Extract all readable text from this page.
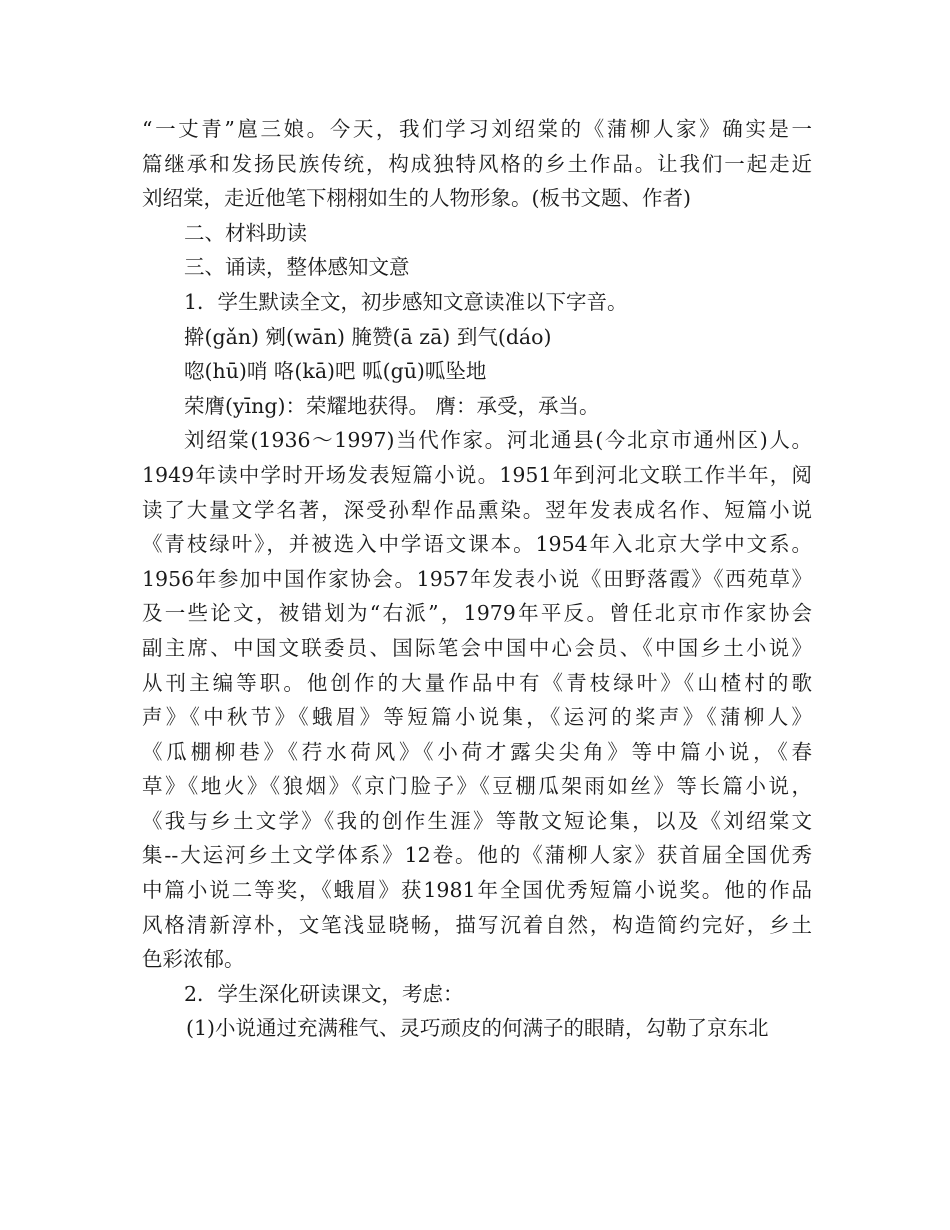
“一丈青”扈三娘。今天，我们学习刘绍棠的《蒲柳人家》确实是一
篇继承和发扬民族传统，构成独特风格的乡土作品。让我们一起走近
刘绍棠，走近他笔下栩栩如生的人物形象。(板书文题、作者)
二、材料助读
三、诵读，整体感知文意
1．学生默读全文，初步感知文意读准以下字音。
擀(gǎn) 剜(wān) 腌赞(ā zā) 到气(dáo)
唿(hū)哨 咯(kā)吧 呱(gū)呱坠地
荣膺(yīng)：荣耀地获得。 膺：承受，承当。
刘绍棠(1936～1997)当代作家。河北通县(今北京市通州区)人。
1949年读中学时开场发表短篇小说。1951年到河北文联工作半年，阅
读了大量文学名著，深受孙犁作品熏染。翌年发表成名作、短篇小说
《青枝绿叶》，并被选入中学语文课本。1954年入北京大学中文系。
1956年参加中国作家协会。1957年发表小说《田野落霞》《西苑草》
及一些论文，被错划为“右派”，1979年平反。曾任北京市作家协会
副主席、中国文联委员、国际笔会中国中心会员、《中国乡土小说》
从刊主编等职。他创作的大量作品中有《青枝绿叶》《山楂村的歌
声》《中秋节》《蛾眉》等短篇小说集，《运河的桨声》《蒲柳人》
《瓜棚柳巷》《荇水荷风》《小荷才露尖尖角》等中篇小说，《春
草》《地火》《狼烟》《京门脸子》《豆棚瓜架雨如丝》等长篇小说，
《我与乡土文学》《我的创作生涯》等散文短论集，以及《刘绍棠文
集--大运河乡土文学体系》12卷。他的《蒲柳人家》获首届全国优秀
中篇小说二等奖，《蛾眉》获1981年全国优秀短篇小说奖。他的作品
风格清新淳朴，文笔浅显晓畅，描写沉着自然，构造简约完好，乡土
色彩浓郁。
2．学生深化研读课文，考虑：
(1)小说通过充满稚气、灵巧顽皮的何满子的眼睛，勾勒了京东北
